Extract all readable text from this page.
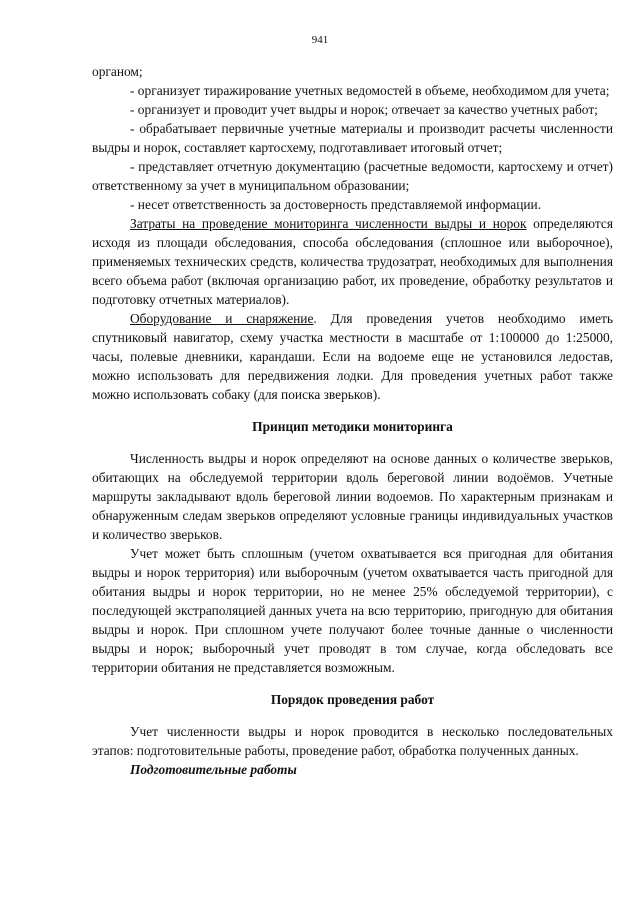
941

органом;

- организует тиражирование учетных ведомостей в объеме, необходимом для учета;

- организует и проводит учет выдры и норок; отвечает за качество учетных работ;

- обрабатывает первичные учетные материалы и производит расчеты численности выдры и норок, составляет картосхему, подготавливает итоговый отчет;

- представляет отчетную документацию (расчетные ведомости, картосхему и отчет) ответственному за учет в муниципальном образовании;

- несет ответственность за достоверность представляемой информации.

Затраты на проведение мониторинга численности выдры и норок определяются исходя из площади обследования, способа обследования (сплошное или выборочное), применяемых технических средств, количества трудозатрат, необходимых для выполнения всего объема работ (включая организацию работ, их проведение, обработку результатов и подготовку отчетных материалов).

Оборудование и снаряжение. Для проведения учетов необходимо иметь спутниковый навигатор, схему участка местности в масштабе от 1:100000 до 1:25000, часы, полевые дневники, карандаши. Если на водоеме еще не установился ледостав, можно использовать для передвижения лодки. Для проведения учетных работ также можно использовать собаку (для поиска зверьков).

Принцип методики мониторинга

Численность выдры и норок определяют на основе данных о количестве зверьков, обитающих на обследуемой территории вдоль береговой линии водоёмов. Учетные маршруты закладывают вдоль береговой линии водоемов. По характерным признакам и обнаруженным следам зверьков определяют условные границы индивидуальных участков и количество зверьков.

Учет может быть сплошным (учетом охватывается вся пригодная для обитания выдры и норок территория) или выборочным (учетом охватывается часть пригодной для обитания выдры и норок территории, но не менее 25% обследуемой территории), с последующей экстраполяцией данных учета на всю территорию, пригодную для обитания выдры и норок. При сплошном учете получают более точные данные о численности выдры и норок; выборочный учет проводят в том случае, когда обследовать все территории обитания не представляется возможным.

Порядок проведения работ

Учет численности выдры и норок проводится в несколько последовательных этапов: подготовительные работы, проведение работ, обработка полученных данных.

Подготовительные работы
